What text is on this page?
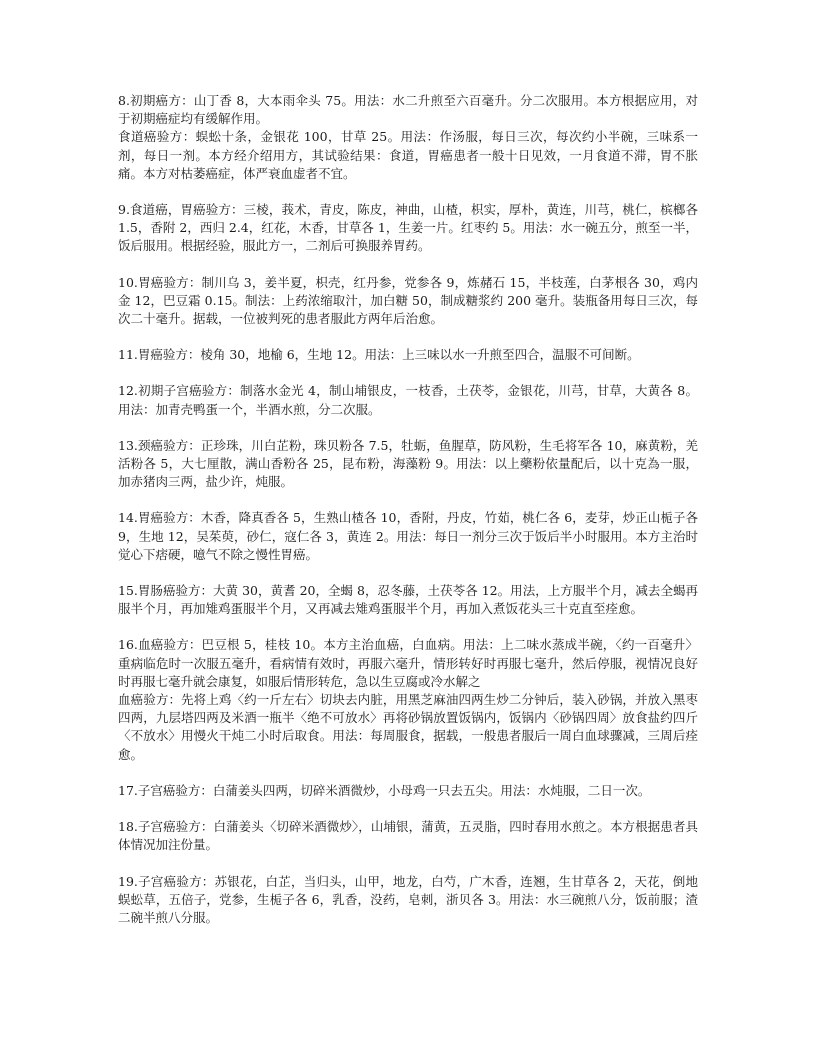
8.初期癌方：山丁香 8，大本雨伞头 75。用法：水二升煎至六百毫升。分二次服用。本方根据应用，对于初期癌症均有缓解作用。
食道癌验方：蜈蚣十条，金银花 100，甘草 25。用法：作汤服，每日三次，每次约小半碗，三味系一剂，每日一剂。本方经介绍用方，其试验结果：食道，胃癌患者一般十日见效，一月食道不滞，胃不胀痛。本方对枯萎癌症，体严衰血虚者不宜。
9.食道癌，胃癌验方：三棱，莪术，青皮，陈皮，神曲，山楂，枳实，厚朴，黄连，川芎，桃仁，槟榔各 1.5，香附 2，西归 2.4，红花，木香，甘草各 1，生姜一片。红枣约 5。用法：水一碗五分，煎至一半，饭后服用。根据经验，服此方一，二剂后可换服养胃药。
10.胃癌验方：制川乌 3，姜半夏，枳壳，红丹参，党参各 9，炼赭石 15，半枝莲，白茅根各 30，鸡内金 12，巴豆霜 0.15。制法：上药浓缩取汁，加白糖 50，制成糖浆约 200 毫升。装瓶备用每日三次，每次二十毫升。据载，一位被判死的患者服此方两年后治愈。
11.胃癌验方：棱角 30，地榆 6，生地 12。用法：上三味以水一升煎至四合，温服不可间断。
12.初期子宫癌验方：制落水金光 4，制山埔银皮，一枝香，土茯苓，金银花，川芎，甘草，大黄各 8。用法：加青壳鸭蛋一个，半酒水煎，分二次服。
13.颈癌验方：正珍珠，川白芷粉，珠贝粉各 7.5，牡蛎，鱼腥草，防风粉，生毛将军各 10，麻黄粉，羌活粉各 5，大七厘散，满山香粉各 25，昆布粉，海藻粉 9。用法：以上藥粉依量配后，以十克為一服，加赤猪肉三两，盐少许，炖服。
14.胃癌验方：木香，降真香各 5，生熟山楂各 10，香附，丹皮，竹茹，桃仁各 6，麦芽，炒正山栀子各 9，生地 12，吴茱萸，砂仁，寇仁各 3，黄连 2。用法：每日一剂分三次于饭后半小时服用。本方主治时觉心下痞硬，噫气不除之慢性胃癌。
15.胃肠癌验方：大黄 30，黄耆 20，全蝎 8，忍冬藤，土茯苓各 12。用法，上方服半个月，减去全蝎再服半个月，再加雉鸡蛋服半个月，又再减去雉鸡蛋服半个月，再加入煮饭花头三十克直至痊愈。
16.血癌验方：巴豆根 5，桂枝 10。本方主治血癌，白血病。用法：上二味水蒸成半碗，〈约一百毫升〉重病临危时一次服五毫升，看病情有效时，再服六毫升，情形转好时再服七毫升，然后停服，视情况良好时再服七毫升就会康复，如服后情形转危，急以生豆腐或冷水解之
血癌验方：先将上鸡〈约一斤左右〉切块去内脏，用黑芝麻油四两生炒二分钟后，装入砂锅，并放入黑枣四两，九层塔四两及米酒一瓶半〈绝不可放水〉再将砂锅放置饭锅内，饭锅内〈砂锅四周〉放食盐约四斤〈不放水〉用慢火干炖二小时后取食。用法：每周服食，据载，一般患者服后一周白血球骤减，三周后痊愈。
17.子宫癌验方：白蒲姜头四两，切碎米酒微炒，小母鸡一只去五尖。用法：水炖服，二日一次。
18.子宫癌验方：白蒲姜头〈切碎米酒微炒〉，山埔银，蒲黄，五灵脂，四时春用水煎之。本方根据患者具体情况加注份量。
19.子宫癌验方：苏银花，白芷，当归头，山甲，地龙，白芍，广木香，连翘，生甘草各 2，天花，倒地蜈蚣草，五倍子，党参，生栀子各 6，乳香，没药，皂刺，浙贝各 3。用法：水三碗煎八分，饭前服；渣二碗半煎八分服。
